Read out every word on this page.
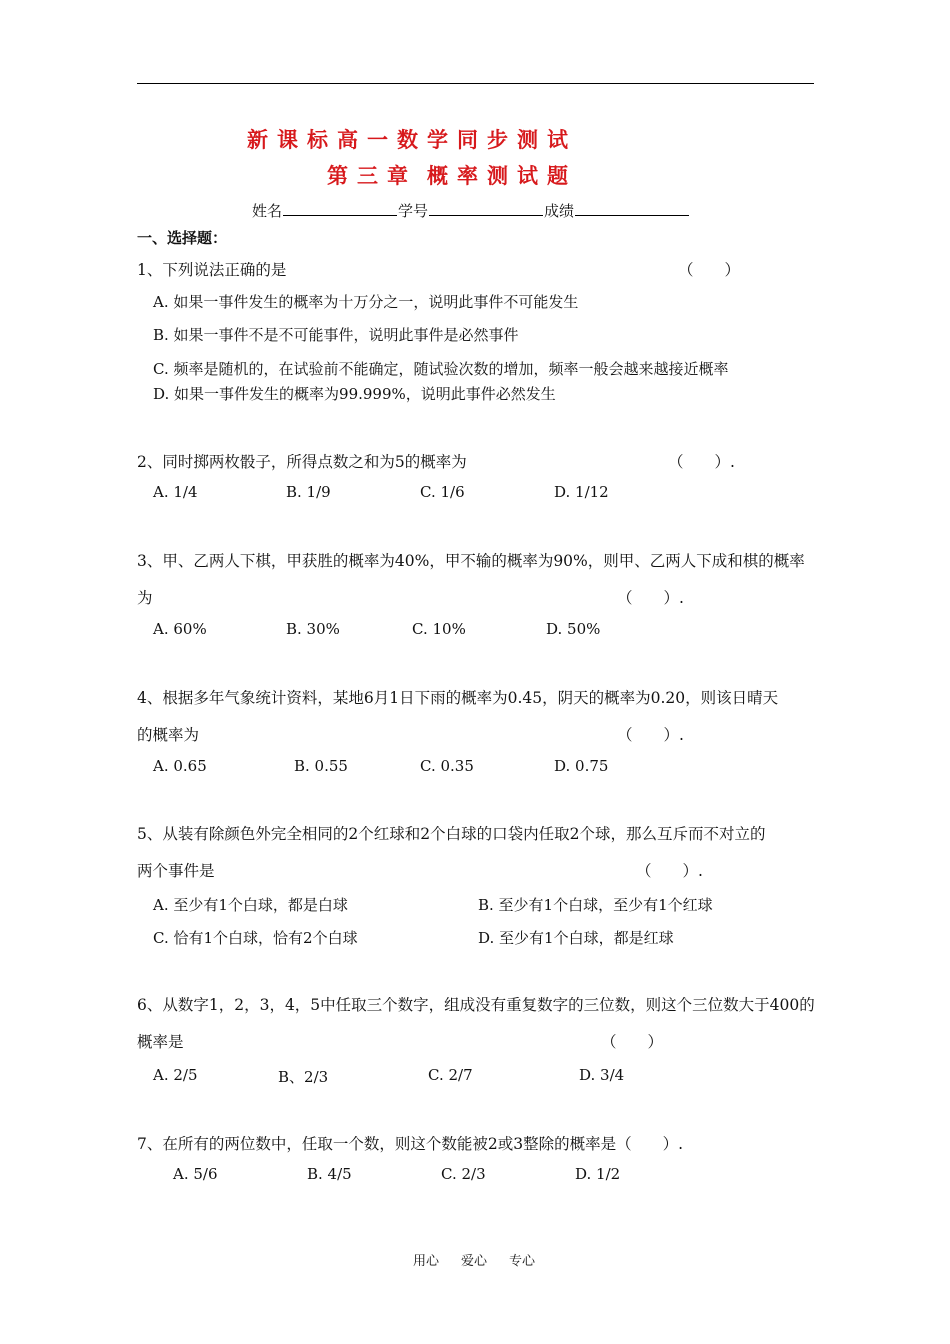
新课标高一数学同步测试
第三章 概率测试题
姓名	学号	成绩
一、选择题：
1、下列说法正确的是	（　　）
A. 如果一事件发生的概率为十万分之一，说明此事件不可能发生
B. 如果一事件不是不可能事件，说明此事件是必然事件
C. 频率是随机的，在试验前不能确定，随试验次数的增加，频率一般会越来越接近概率
D. 如果一事件发生的概率为99.999%，说明此事件必然发生
2、同时掷两枚骰子，所得点数之和为5的概率为	（　　）.
A. 1/4	B. 1/9	C. 1/6	D. 1/12
3、甲、乙两人下棋，甲获胜的概率为40%，甲不输的概率为90%，则甲、乙两人下成和棋的概率
为	（　　）.
A. 60%	B. 30%	C. 10%	D. 50%
4、根据多年气象统计资料，某地6月1日下雨的概率为0.45，阴天的概率为0.20，则该日晴天
的概率为	（　　）.
A. 0.65	B. 0.55	C. 0.35	D. 0.75
5、从装有除颜色外完全相同的2个红球和2个白球的口袋内任取2个球，那么互斥而不对立的
两个事件是	（　　）.
A. 至少有1个白球，都是白球	B. 至少有1个白球，至少有1个红球
C. 恰有1个白球，恰有2个白球	D. 至少有1个白球，都是红球
6、从数字1，2，3，4，5中任取三个数字，组成没有重复数字的三位数，则这个三位数大于400的
概率是	（　　）
A. 2/5	B、2/3	C. 2/7	D. 3/4
7、在所有的两位数中，任取一个数，则这个数能被2或3整除的概率是（　　）.
A. 5/6	B. 4/5	C. 2/3	D. 1/2
用心 爱心 专心
